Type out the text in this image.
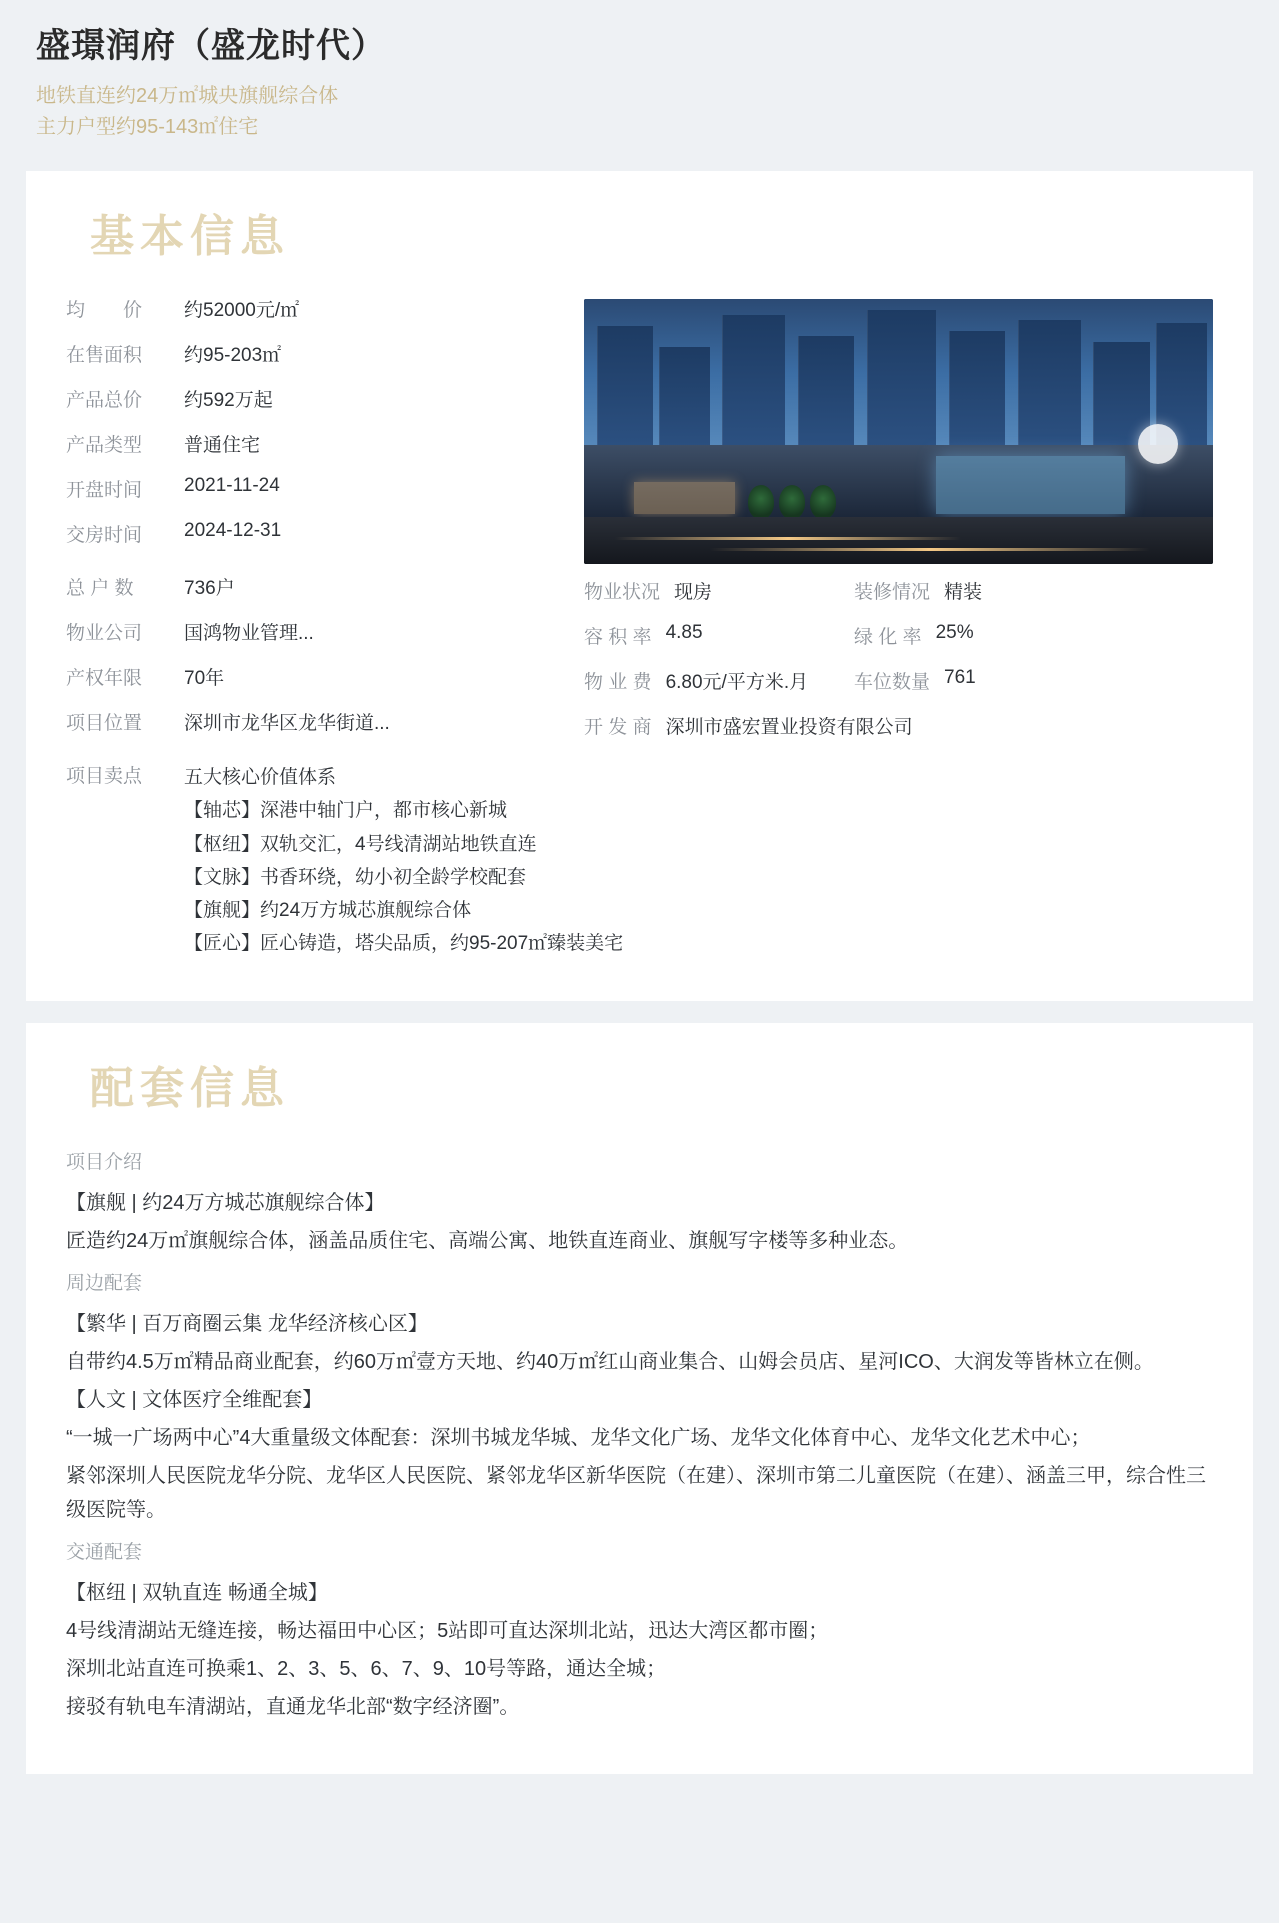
盛璟润府（盛龙时代）

地铁直连约24万㎡城央旗舰综合体
主力户型约95-143㎡住宅

基本信息
均　　价	约52000元/㎡
在售面积	约95-203㎡
产品总价	约592万起
产品类型	普通住宅
开盘时间	2021-11-24
交房时间	2024-12-31
总 户 数	736户
物业公司	国鸿物业管理...
产权年限	70年
项目位置	深圳市龙华区龙华街道...
物业状况 现房	装修情况 精装
容 积 率 4.85	绿 化 率 25%
物 业 费 6.80元/平方米.月 车位数量 761
开 发 商 深圳市盛宏置业投资有限公司
项目卖点	五大核心价值体系
【轴芯】深港中轴门户，都市核心新城
【枢纽】双轨交汇，4号线清湖站地铁直连
【文脉】书香环绕，幼小初全龄学校配套
【旗舰】约24万方城芯旗舰综合体
【匠心】匠心铸造，塔尖品质，约95-207㎡臻装美宅
配套信息
项目介绍

【旗舰 | 约24万方城芯旗舰综合体】

匠造约24万㎡旗舰综合体，涵盖品质住宅、高端公寓、地铁直连商业、旗舰写字楼等多种业态。

周边配套

【繁华 | 百万商圈云集 龙华经济核心区】

自带约4.5万㎡精品商业配套，约60万㎡壹方天地、约40万㎡红山商业集合、山姆会员店、星河ICO、大润发等皆林立在侧。

【人文 | 文体医疗全维配套】

“一城一广场两中心”4大重量级文体配套：深圳书城龙华城、龙华文化广场、龙华文化体育中心、龙华文化艺术中心；

紧邻深圳人民医院龙华分院、龙华区人民医院、紧邻龙华区新华医院（在建）、深圳市第二儿童医院（在建）、涵盖三甲，综合性三级医院等。

交通配套

【枢纽 | 双轨直连 畅通全城】

4号线清湖站无缝连接，畅达福田中心区；5站即可直达深圳北站，迅达大湾区都市圈；

深圳北站直连可换乘1、2、3、5、6、7、9、10号等路，通达全城；

接驳有轨电车清湖站，直通龙华北部“数字经济圈”。
